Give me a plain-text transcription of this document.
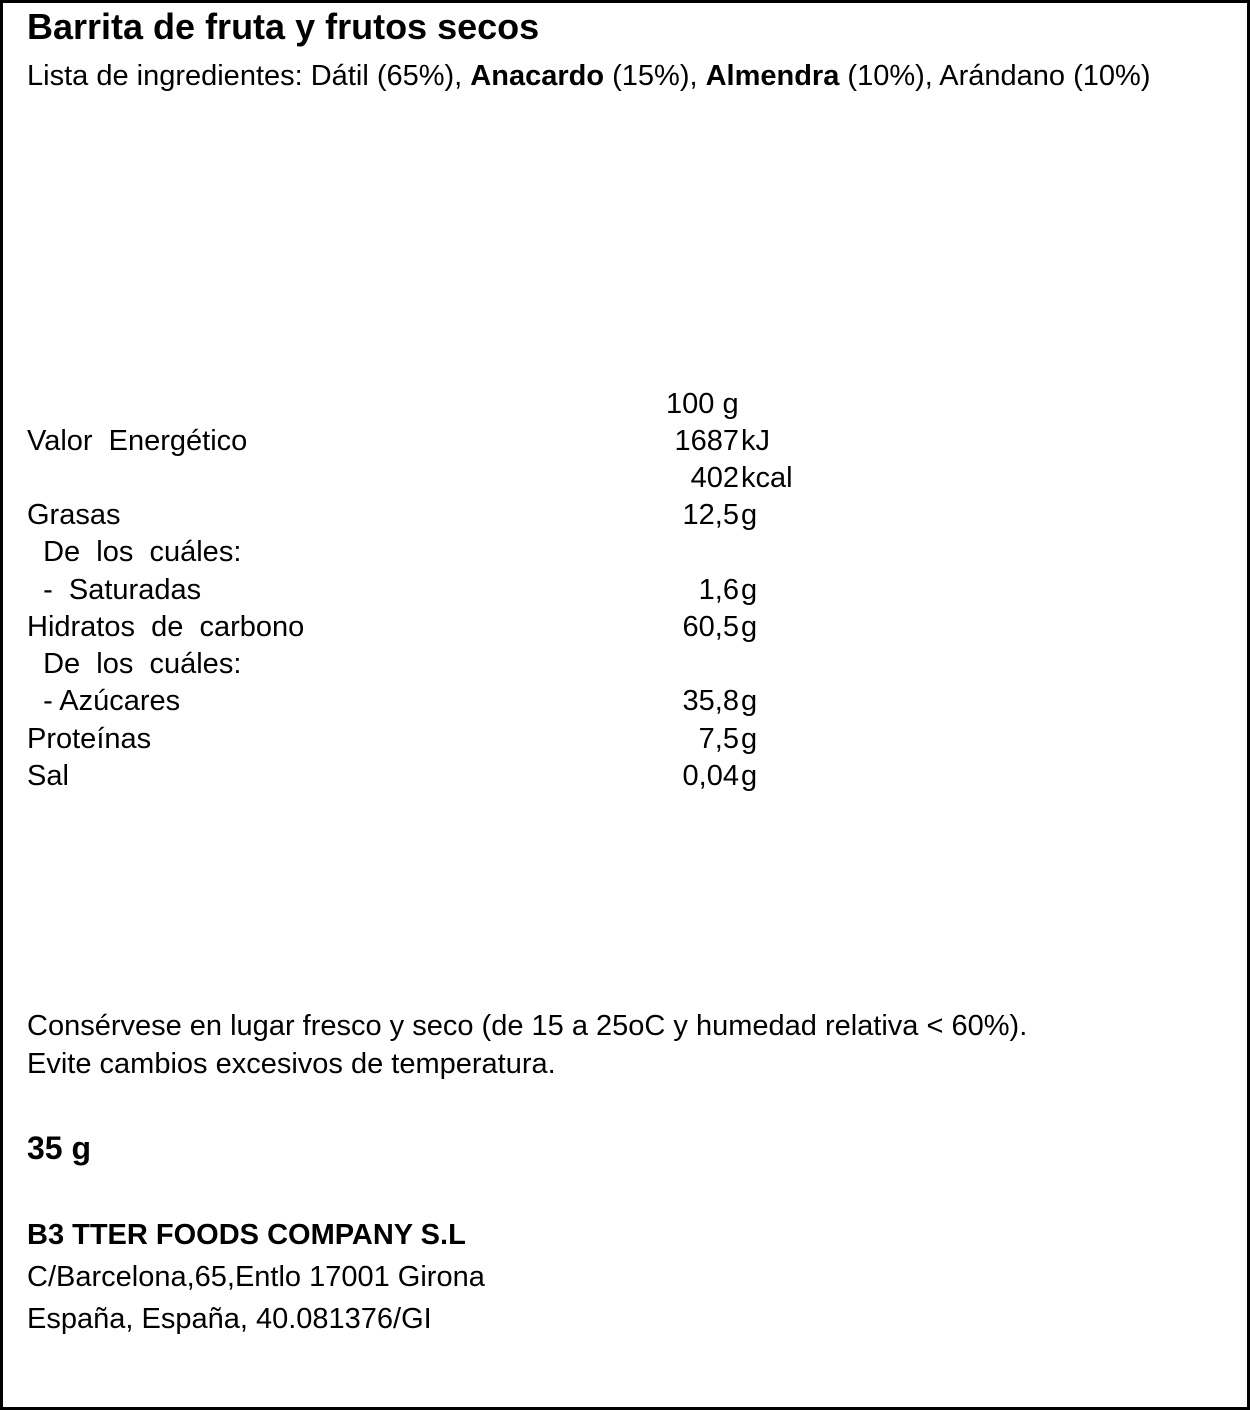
Barrita de fruta y frutos secos
Lista de ingredientes: Dátil (65%), Anacardo (15%), Almendra (10%), Arándano (10%)
100 g
Valor  Energético	1687 kJ
402 kcal
Grasas	12,5 g
De  los  cuáles:
-  Saturadas	1,6 g
Hidratos  de  carbono	60,5 g
De  los  cuáles:
- Azúcares	35,8 g
Proteínas	7,5 g
Sal	0,04 g
Consérvese en lugar fresco y seco (de 15 a 25oC y humedad relativa < 60%).
Evite cambios excesivos de temperatura.
35 g
B3 TTER FOODS COMPANY S.L
C/Barcelona,65,Entlo 17001 Girona
España, España, 40.081376/GI
